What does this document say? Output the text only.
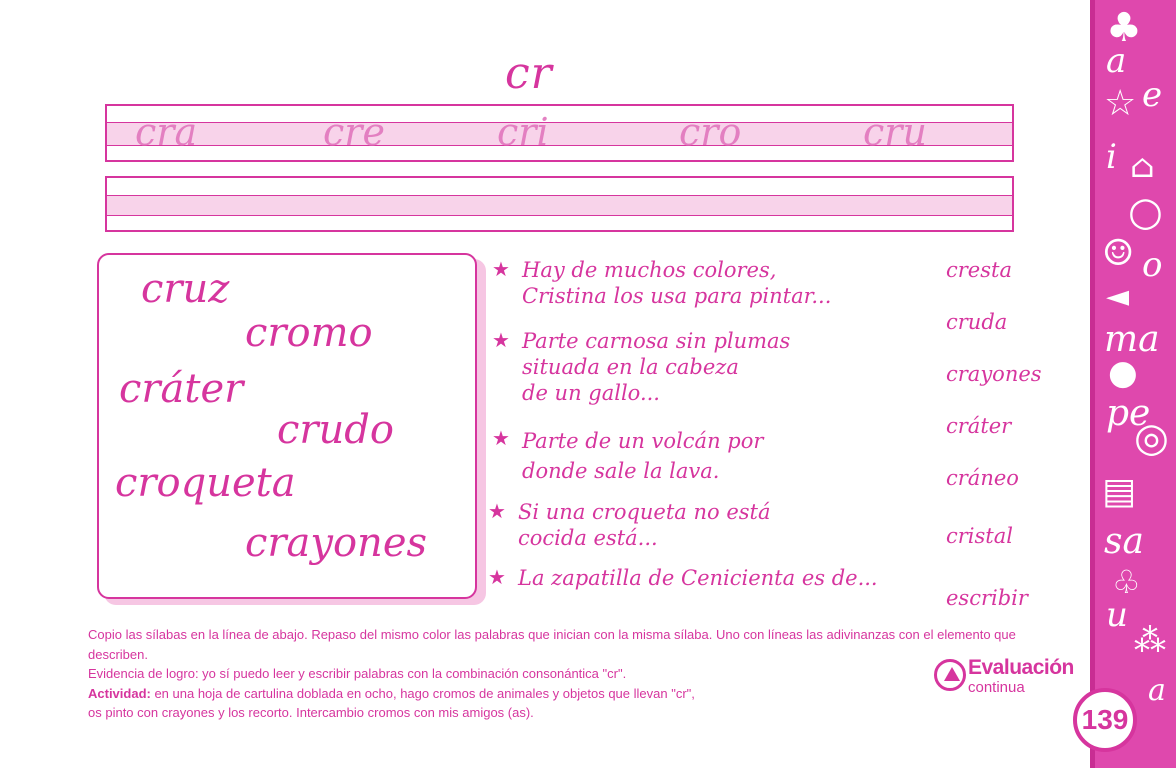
cr
cra	cre	cri	cro	cru
cruz
cromo
cráter
crudo
croqueta
crayones
★ Hay de muchos colores,
Cristina los usa para pintar...
★ Parte carnosa sin plumas
situada en la cabeza
de un gallo...
★ Parte de un volcán por
donde sale la lava.
★ Si una croqueta no está
cocida está...
★ La zapatilla de Cenicienta es de...
cresta
cruda
crayones
cráter
cráneo
cristal
escribir
Copio las sílabas en la línea de abajo. Repaso del mismo color las palabras que inician con la misma sílaba. Uno con líneas las adivinanzas con el elemento que describen.
Evidencia de logro: yo sí puedo leer y escribir palabras con la combinación consonántica "cr".
Actividad: en una hoja de cartulina doblada en ocho, hago cromos de animales y objetos que llevan "cr",
os pinto con crayones y los recorto. Intercambio cromos con mis amigos (as).
Evaluación
continua
♣
a
☆ e
i ⌂
○
☺ o
◄
ma
●
pe
◎
▤
sa
♧
u
⁂
a
139
